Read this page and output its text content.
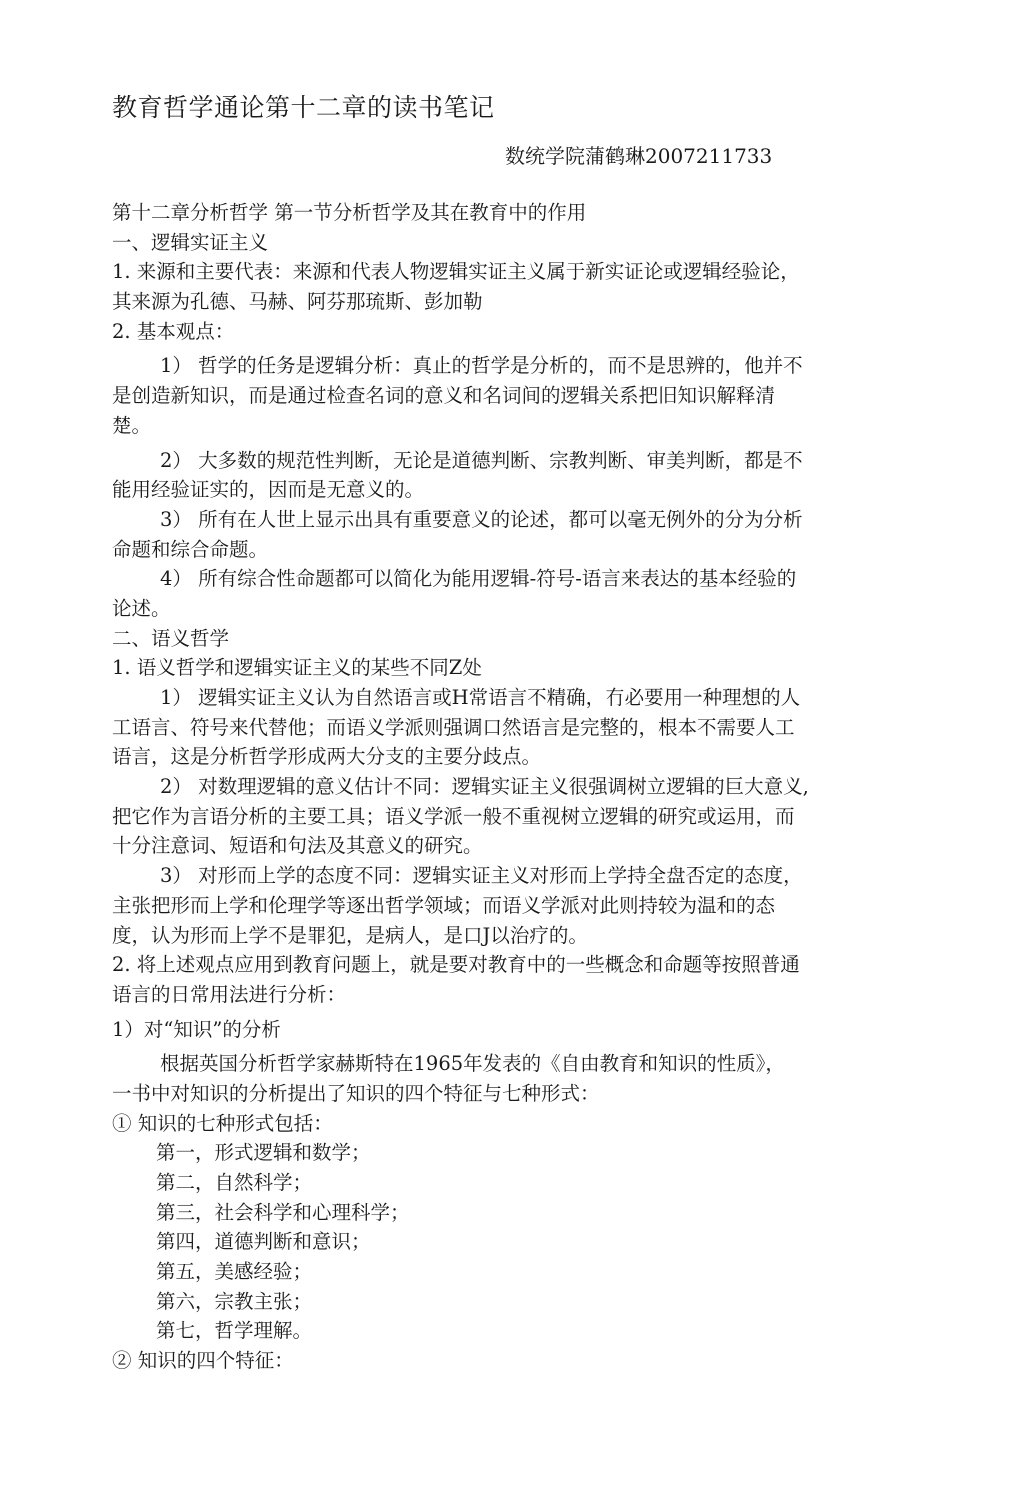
教育哲学通论第十二章的读书笔记
数统学院蒲鹤琳2007211733
第十二章分析哲学 第一节分析哲学及其在教育中的作用
一、逻辑实证主义
1. 来源和主要代表：来源和代表人物逻辑实证主义属于新实证论或逻辑经验论，
其来源为孔德、马赫、阿芬那琉斯、彭加勒
2. 基本观点：
1） 哲学的任务是逻辑分析：真止的哲学是分析的，而不是思辨的，他并不
是创造新知识，而是通过检查名词的意义和名词间的逻辑关系把旧知识解释清
楚。
2） 大多数的规范性判断，无论是道德判断、宗教判断、审美判断，都是不
能用经验证实的，因而是无意义的。
3） 所有在人世上显示出具有重要意义的论述，都可以毫无例外的分为分析
命题和综合命题。
4） 所有综合性命题都可以简化为能用逻辑-符号-语言来表达的基本经验的
论述。
二、语义哲学
1. 语义哲学和逻辑实证主义的某些不同Z处
1） 逻辑实证主义认为自然语言或H常语言不精确，冇必要用一种理想的人
工语言、符号来代替他；而语义学派则强调口然语言是完整的，根本不需要人工
语言，这是分析哲学形成两大分支的主要分歧点。
2） 对数理逻辑的意义估计不同：逻辑实证主义很强调树立逻辑的巨大意义,
把它作为言语分析的主要工具；语义学派一般不重视树立逻辑的研究或运用，而
十分注意词、短语和句法及其意义的研究。
3） 对形而上学的态度不同：逻辑实证主义对形而上学持全盘否定的态度，
主张把形而上学和伦理学等逐出哲学领域；而语义学派对此则持较为温和的态
度，认为形而上学不是罪犯，是病人，是口J以治疗的。
2. 将上述观点应用到教育问题上，就是要对教育中的一些概念和命题等按照普通
语言的日常用法进行分析：
1）对“知识”的分析
根据英国分析哲学家赫斯特在1965年发表的《自由教育和知识的性质》，
一书中对知识的分析提出了知识的四个特征与七种形式：
① 知识的七种形式包括：
第一，形式逻辑和数学；
第二，自然科学；
第三，社会科学和心理科学；
第四，道德判断和意识；
第五，美感经验；
第六，宗教主张；
第七，哲学理解。
② 知识的四个特征：
